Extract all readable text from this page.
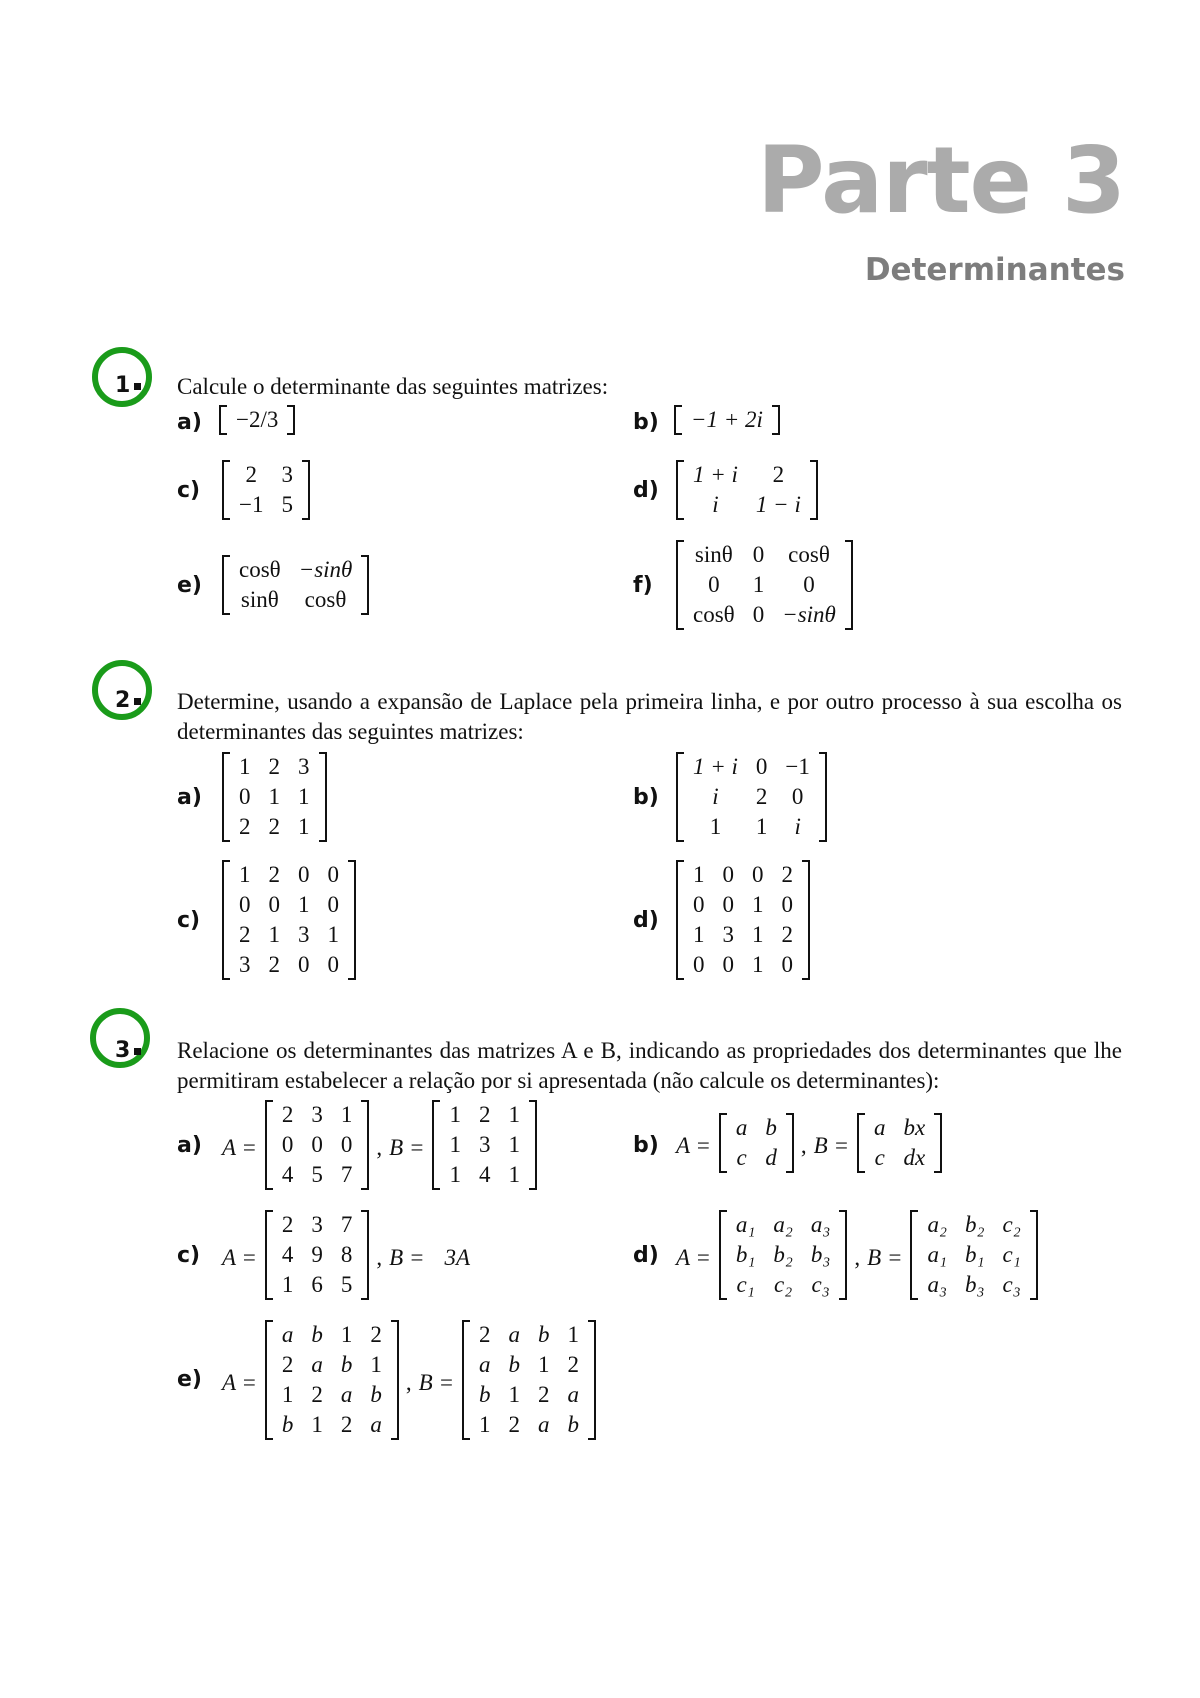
Parte 3
Determinantes
1	Calcule o determinante das seguintes matrizes:
a) −2/3	b) −1 + 2i
c)
2	3
−1	5
d)
1 + i	2
i	1 − i
e)
cosθ	−sinθ
sinθ	cosθ
f)
sinθ	0	cosθ
0	1	0
cosθ	0	−sinθ
2	Determine, usando a expansão de Laplace pela primeira linha, e por outro processo à sua escolha os determinantes das seguintes matrizes:
a)
1	2	3
0	1	1
2	2	1
b)
1 + i	0	−1
i	2	0
1	1	i
c)
1	2	0	0
0	0	1	0
2	1	3	1
3	2	0	0
d)
1	0	0	2
0	0	1	0
1	3	1	2
0	0	1	0
3	Relacione os determinantes das matrizes A e B, indicando as propriedades dos determinantes que lhe permitiram estabelecer a relação por si apresentada (não calcule os determinantes):
a) A =
2	3	1
0	0	0
4	5	7
, B =
1	2	1
1	3	1
1	4	1
b) A =
a	b
c	d , B =
a	bx
c	dx
c) A =
2	3	7
4	9	8
1	6	5
, B = 3A	d) A =
a₁	a₂	a₃
b₁	b₂	b₃
c₁	c₂	c₃
, B =
a₂	b₂	c₂
a₁	b₁	c₁
a₃	b₃	c₃
e) A =
a	b	1	2
2	a	b	1
1	2	a	b
b	1	2	a
, B =
2	a	b	1
a	b	1	2
b	1	2	a
1	2	a	b
